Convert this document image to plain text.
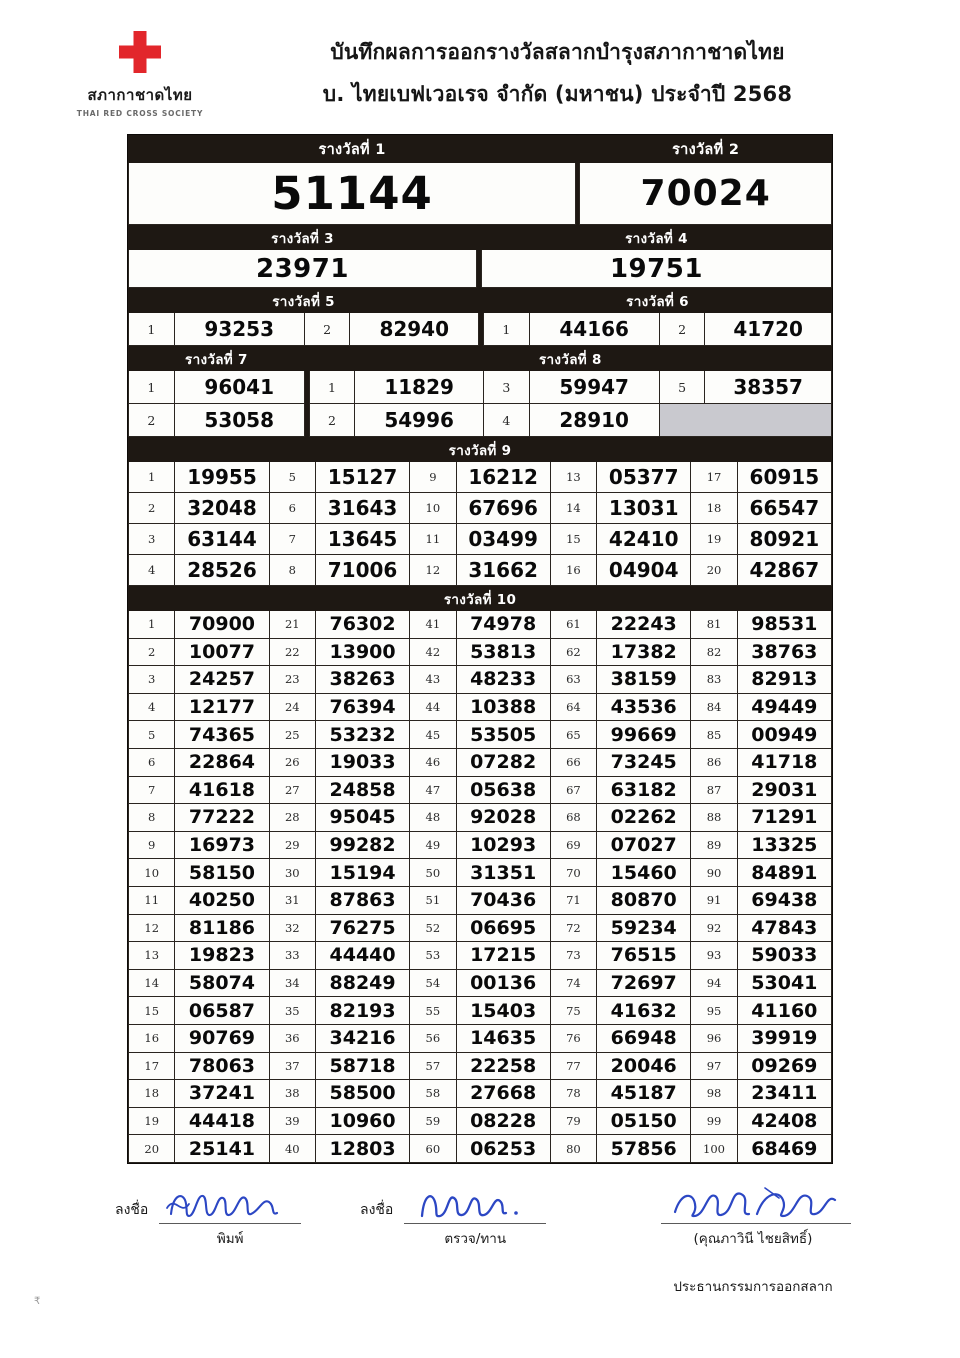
สภากาชาดไทย
THAI RED CROSS SOCIETY
บันทึกผลการออกรางวัลสลากบำรุงสภากาชาดไทย
บ. ไทยเบฟเวอเรจ จำกัด (มหาชน) ประจำปี 2568
รางวัลที่ 1		รางวัลที่ 2
51144		70024
รางวัลที่ 3		รางวัลที่ 4
23971		19751
รางวัลที่ 5					รางวัลที่ 6			
1	93253	2	82940		1	44166	2	41720
รางวัลที่ 7			รางวัลที่ 8					
1	96041		1	11829	3	59947	5	38357
2	53058		2	54996	4	28910		
รางวัลที่ 9									
1	19955	5	15127	9	16212	13	05377	17	60915
2	32048	6	31643	10	67696	14	13031	18	66547
3	63144	7	13645	11	03499	15	42410	19	80921
4	28526	8	71006	12	31662	16	04904	20	42867
รางวัลที่ 10									
1	70900	21	76302	41	74978	61	22243	81	98531
2	10077	22	13900	42	53813	62	17382	82	38763
3	24257	23	38263	43	48233	63	38159	83	82913
4	12177	24	76394	44	10388	64	43536	84	49449
5	74365	25	53232	45	53505	65	99669	85	00949
6	22864	26	19033	46	07282	66	73245	86	41718
7	41618	27	24858	47	05638	67	63182	87	29031
8	77222	28	95045	48	92028	68	02262	88	71291
9	16973	29	99282	49	10293	69	07027	89	13325
10	58150	30	15194	50	31351	70	15460	90	84891
11	40250	31	87863	51	70436	71	80870	91	69438
12	81186	32	76275	52	06695	72	59234	92	47843
13	19823	33	44440	53	17215	73	76515	93	59033
14	58074	34	88249	54	00136	74	72697	94	53041
15	06587	35	82193	55	15403	75	41632	95	41160
16	90769	36	34216	56	14635	76	66948	96	39919
17	78063	37	58718	57	22258	77	20046	97	09269
18	37241	38	58500	58	27668	78	45187	98	23411
19	44418	39	10960	59	08228	79	05150	99	42408
20	25141	40	12803	60	06253	80	57856	100	68469
ลงชื่อ
พิมพ์
ลงชื่อ
ตรวจ/ทาน	(คุณภาวินี ไชยสิทธิ์)
ประธานกรรมการออกสลาก
₹
